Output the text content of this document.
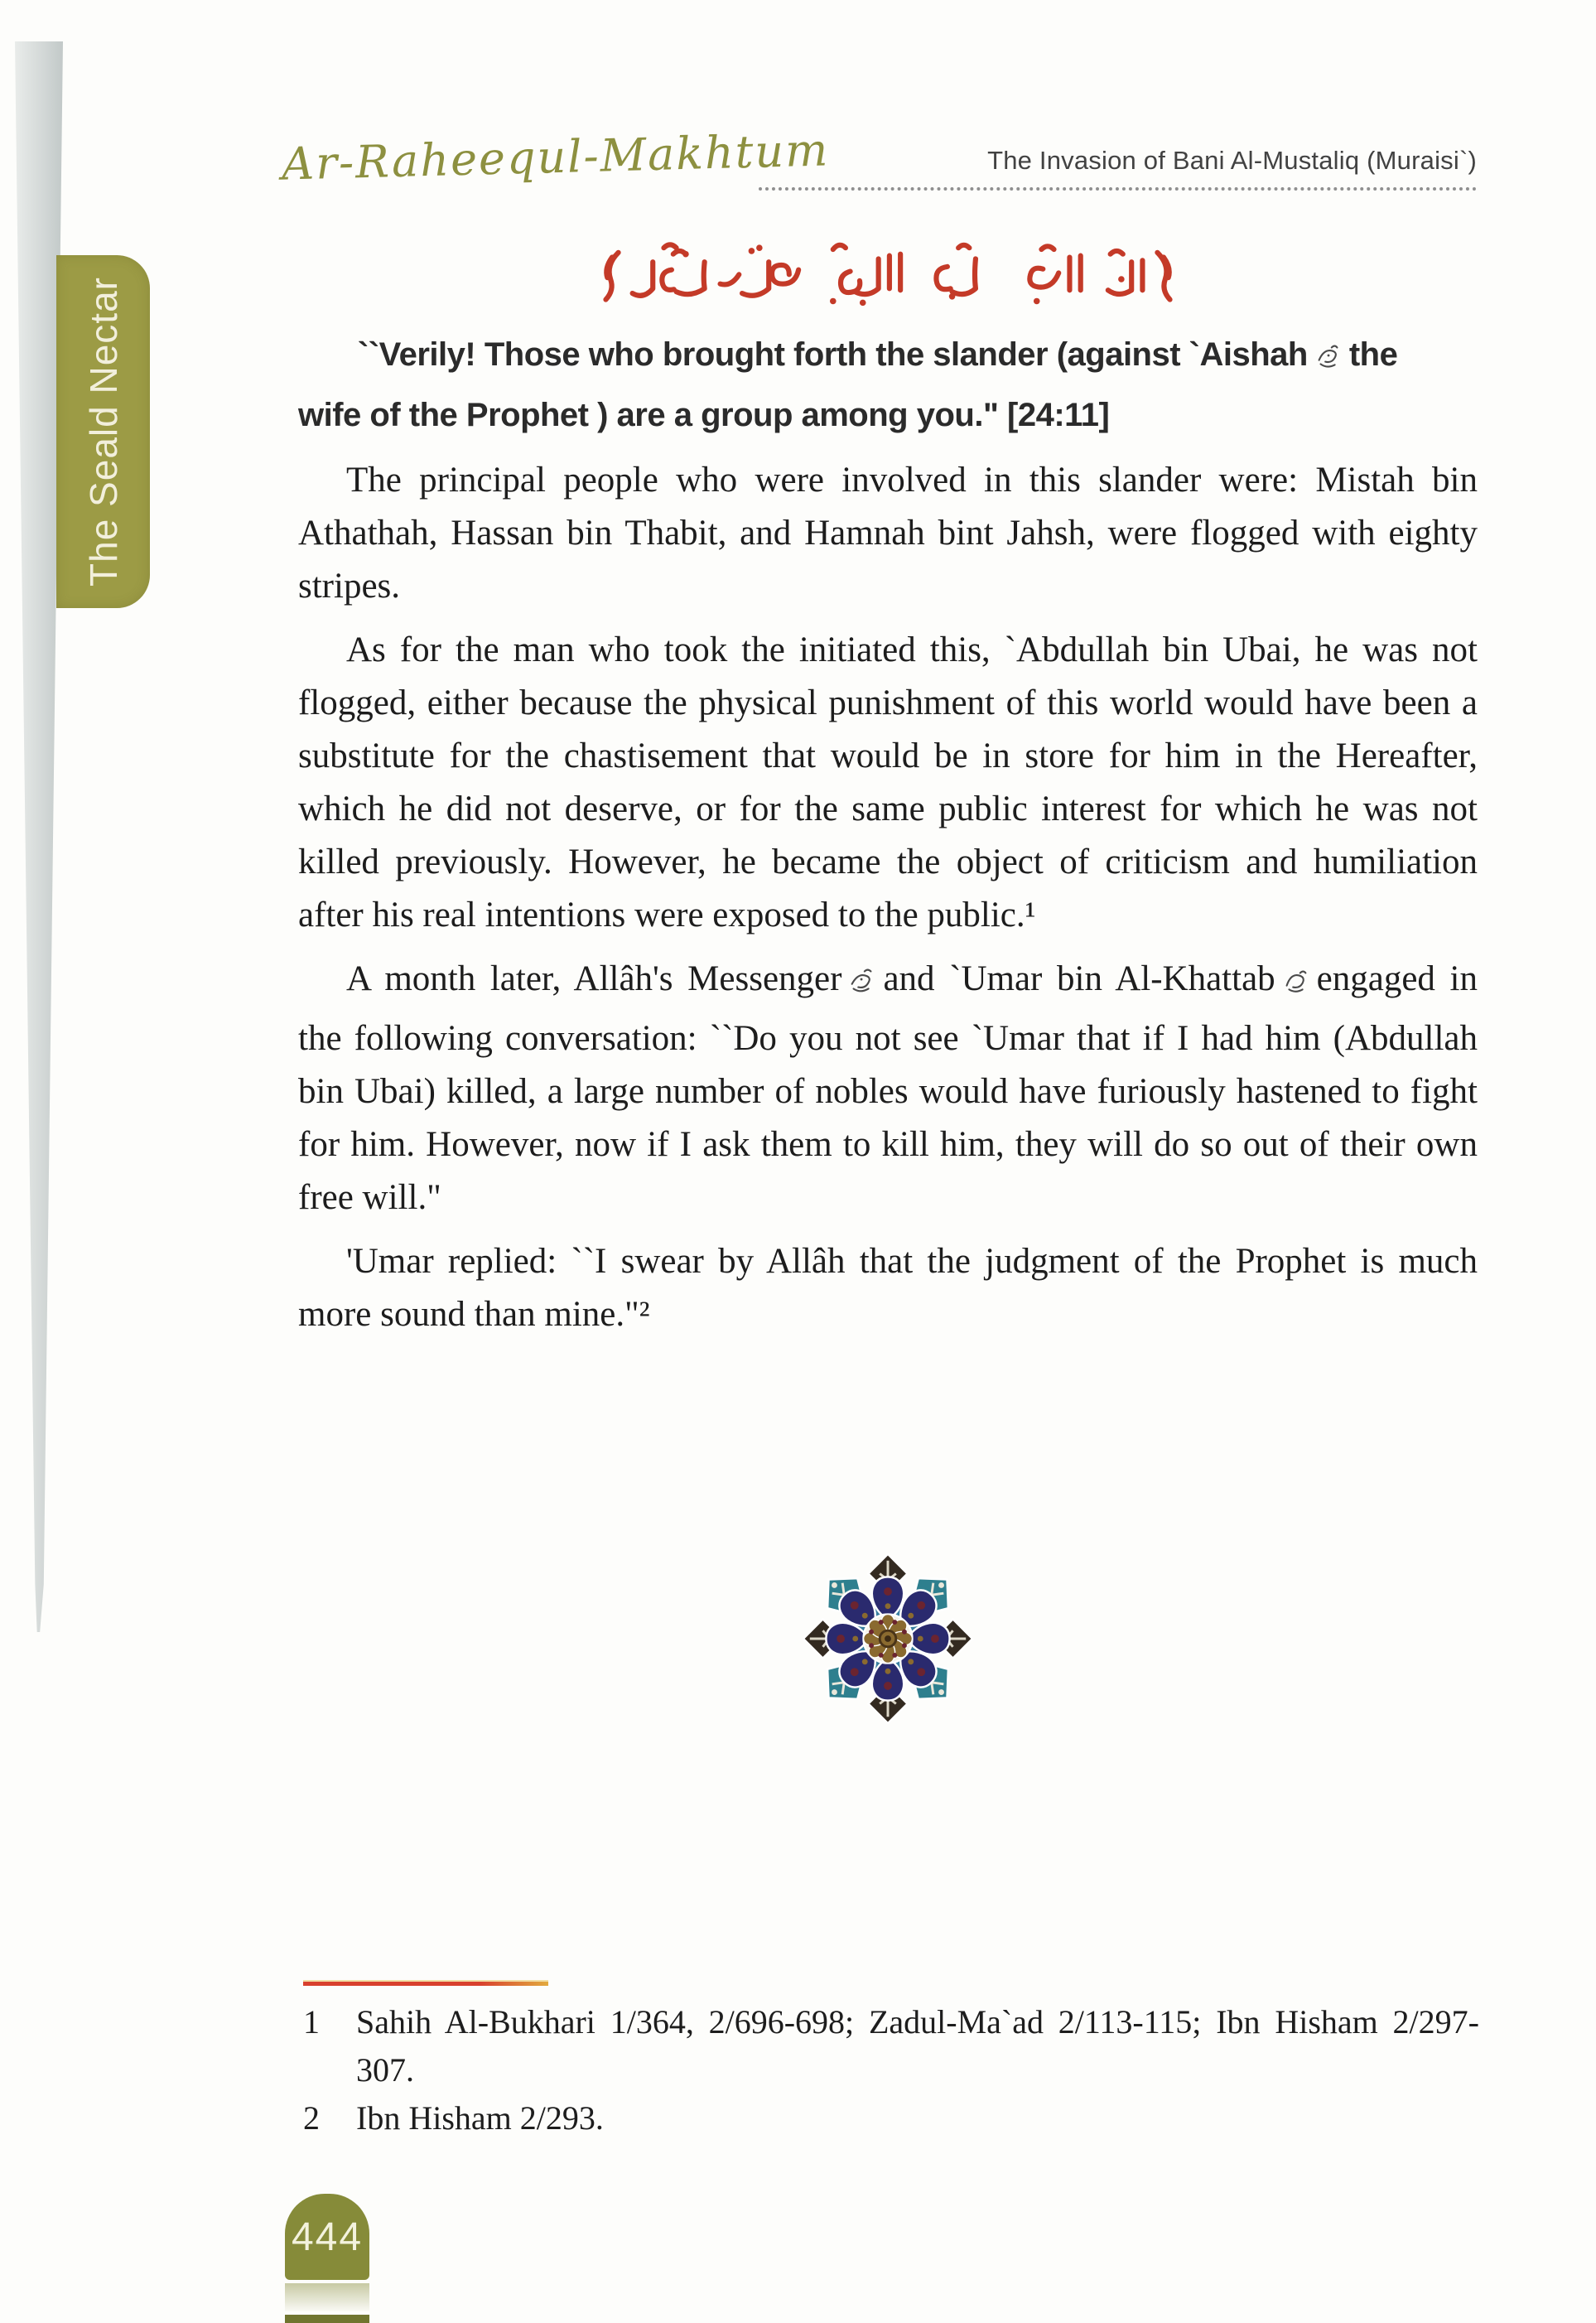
The Seald Nectar
Ar-Raheequl-Makhtum	The Invasion of Bani Al-Mustaliq (Muraisi`)
``Verily! Those who brought forth the slander (against `Aishah the wife of the Prophet ) are a group among you." [24:11]

The principal people who were involved in this slander were: Mistah bin Athathah, Hassan bin Thabit, and Hamnah bint Jahsh, were flogged with eighty stripes.

As for the man who took the initiated this, `Abdullah bin Ubai, he was not flogged, either because the physical punishment of this world would have been a substitute for the chastisement that would be in store for him in the Hereafter, which he did not deserve, or for the same public interest for which he was not killed previously. However, he became the object of criticism and humiliation after his real intentions were exposed to the public.¹

A month later, Allâh's Messenger and `Umar bin Al-Khattab engaged in the following conversation: ``Do you not see `Umar that if I had him (Abdullah bin Ubai) killed, a large number of nobles would have furiously hastened to fight for him. However, now if I ask them to kill him, they will do so out of their own free will."

'Umar replied: ``I swear by Allâh that the judgment of the Prophet is much more sound than mine."²

1	Sahih Al-Bukhari 1/364, 2/696-698; Zadul-Ma`ad 2/113-115; Ibn Hisham 2/297-307.
2	Ibn Hisham 2/293.
444
